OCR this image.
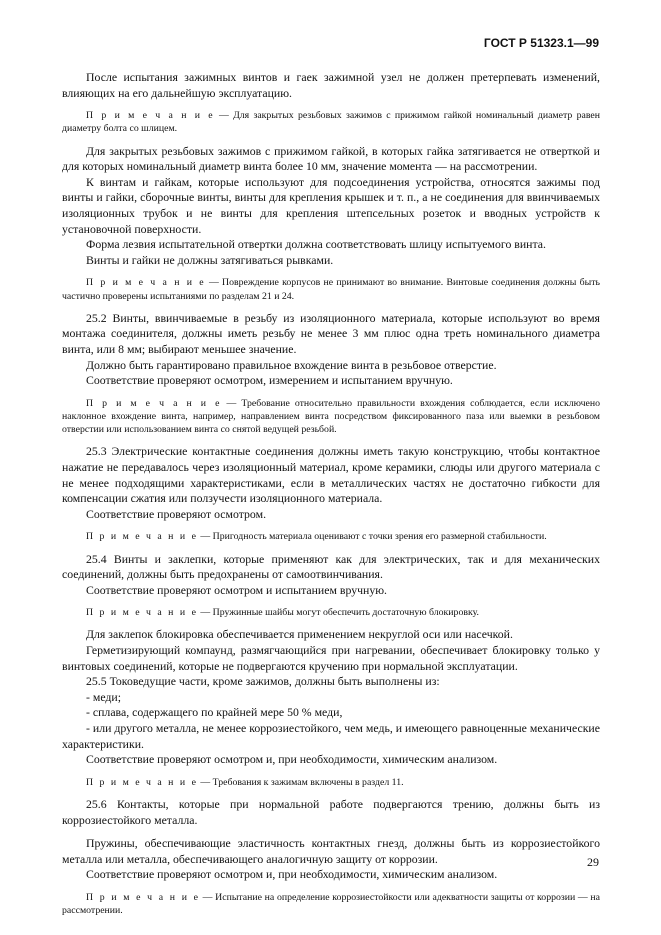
ГОСТ Р 51323.1—99

После испытания зажимных винтов и гаек зажимной узел не должен претерпевать изменений, влияющих на его дальнейшую эксплуатацию.

П р и м е ч а н и е — Для закрытых резьбовых зажимов с прижимом гайкой номинальный диаметр равен диаметру болта со шлицем.

Для закрытых резьбовых зажимов с прижимом гайкой, в которых гайка затягивается не отверткой и для которых номинальный диаметр винта более 10 мм, значение момента — на рассмотрении.

К винтам и гайкам, которые используют для подсоединения устройства, относятся зажимы под винты и гайки, сборочные винты, винты для крепления крышек и т. п., а не соединения для ввинчиваемых изоляционных трубок и не винты для крепления штепсельных розеток и вводных устройств к установочной поверхности.

Форма лезвия испытательной отвертки должна соответствовать шлицу испытуемого винта.

Винты и гайки не должны затягиваться рывками.

П р и м е ч а н и е — Повреждение корпусов не принимают во внимание. Винтовые соединения должны быть частично проверены испытаниями по разделам 21 и 24.

25.2 Винты, ввинчиваемые в резьбу из изоляционного материала, которые используют во время монтажа соединителя, должны иметь резьбу не менее 3 мм плюс одна треть номинального диаметра винта, или 8 мм; выбирают меньшее значение.

Должно быть гарантировано правильное вхождение винта в резьбовое отверстие.

Соответствие проверяют осмотром, измерением и испытанием вручную.

П р и м е ч а н и е — Требование относительно правильности вхождения соблюдается, если исключено наклонное вхождение винта, например, направлением винта посредством фиксированного паза или выемки в резьбовом отверстии или использованием винта со снятой ведущей резьбой.

25.3 Электрические контактные соединения должны иметь такую конструкцию, чтобы контактное нажатие не передавалось через изоляционный материал, кроме керамики, слюды или другого материала с не менее подходящими характеристиками, если в металлических частях не достаточно гибкости для компенсации сжатия или ползучести изоляционного материала.

Соответствие проверяют осмотром.

П р и м е ч а н и е — Пригодность материала оценивают с точки зрения его размерной стабильности.

25.4 Винты и заклепки, которые применяют как для электрических, так и для механических соединений, должны быть предохранены от самоотвинчивания.

Соответствие проверяют осмотром и испытанием вручную.

П р и м е ч а н и е — Пружинные шайбы могут обеспечить достаточную блокировку.

Для заклепок блокировка обеспечивается применением некруглой оси или насечкой.

Герметизирующий компаунд, размягчающийся при нагревании, обеспечивает блокировку только у винтовых соединений, которые не подвергаются кручению при нормальной эксплуатации.

25.5 Токоведущие части, кроме зажимов, должны быть выполнены из:

- меди;

- сплава, содержащего по крайней мере 50 % меди,

- или другого металла, не менее коррозиестойкого, чем медь, и имеющего равноценные механические характеристики.

Соответствие проверяют осмотром и, при необходимости, химическим анализом.

П р и м е ч а н и е — Требования к зажимам включены в раздел 11.

25.6 Контакты, которые при нормальной работе подвергаются трению, должны быть из коррозиестойкого металла.

Пружины, обеспечивающие эластичность контактных гнезд, должны быть из коррозиестойкого металла или металла, обеспечивающего аналогичную защиту от коррозии.

Соответствие проверяют осмотром и, при необходимости, химическим анализом.

П р и м е ч а н и е — Испытание на определение коррозиестойкости или адекватности защиты от коррозии — на рассмотрении.

29
